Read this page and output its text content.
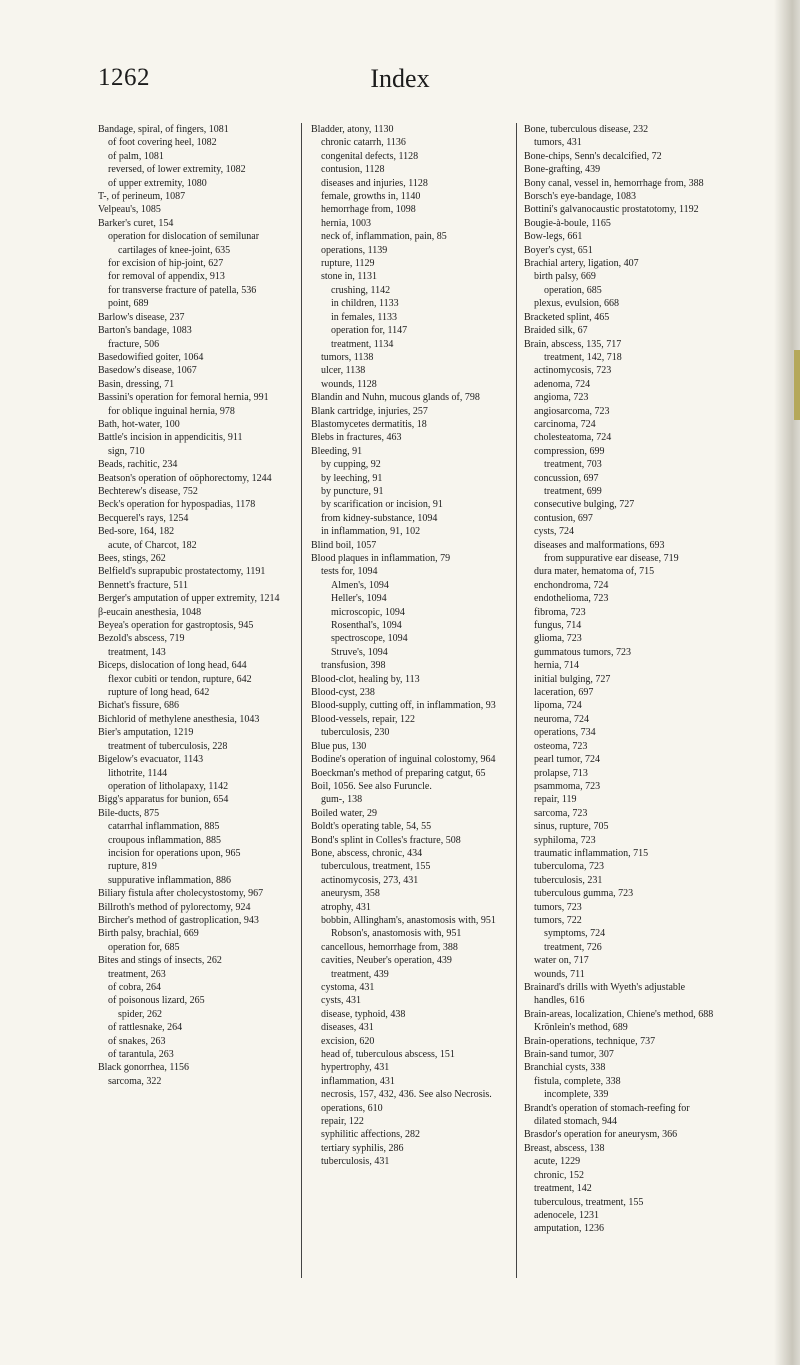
1262	Index
Bandage, spiral, of fingers, 1081
of foot covering heel, 1082
of palm, 1081
reversed, of lower extremity, 1082
of upper extremity, 1080
T-, of perineum, 1087
Velpeau's, 1085
Barker's curet, 154
operation for dislocation of semilunar cartilages of knee-joint, 635
for excision of hip-joint, 627
for removal of appendix, 913
for transverse fracture of patella, 536
point, 689
Barlow's disease, 237
Barton's bandage, 1083
fracture, 506
Basedowified goiter, 1064
Basedow's disease, 1067
Basin, dressing, 71
Bassini's operation for femoral hernia, 991
for oblique inguinal hernia, 978
Bath, hot-water, 100
Battle's incision in appendicitis, 911
sign, 710
Beads, rachitic, 234
Beatson's operation of oöphorectomy, 1244
Bechterew's disease, 752
Beck's operation for hypospadias, 1178
Becquerel's rays, 1254
Bed-sore, 164, 182
acute, of Charcot, 182
Bees, stings, 262
Belfield's suprapubic prostatectomy, 1191
Bennett's fracture, 511
Berger's amputation of upper extremity, 1214
β-eucain anesthesia, 1048
Beyea's operation for gastroptosis, 945
Bezold's abscess, 719
treatment, 143
Biceps, dislocation of long head, 644
flexor cubiti or tendon, rupture, 642
rupture of long head, 642
Bichat's fissure, 686
Bichlorid of methylene anesthesia, 1043
Bier's amputation, 1219
treatment of tuberculosis, 228
Bigelow's evacuator, 1143
lithotrite, 1144
operation of litholapaxy, 1142
Bigg's apparatus for bunion, 654
Bile-ducts, 875
catarrhal inflammation, 885
croupous inflammation, 885
incision for operations upon, 965
rupture, 819
suppurative inflammation, 886
Biliary fistula after cholecystostomy, 967
Billroth's method of pylorectomy, 924
Bircher's method of gastroplication, 943
Birth palsy, brachial, 669
operation for, 685
Bites and stings of insects, 262
treatment, 263
of cobra, 264
of poisonous lizard, 265
spider, 262
of rattlesnake, 264
of snakes, 263
of tarantula, 263
Black gonorrhea, 1156
sarcoma, 322
Bladder, atony, 1130
chronic catarrh, 1136
congenital defects, 1128
contusion, 1128
diseases and injuries, 1128
female, growths in, 1140
hemorrhage from, 1098
hernia, 1003
neck of, inflammation, pain, 85
operations, 1139
rupture, 1129
stone in, 1131
crushing, 1142
in children, 1133
in females, 1133
operation for, 1147
treatment, 1134
tumors, 1138
ulcer, 1138
wounds, 1128
Blandin and Nuhn, mucous glands of, 798
Blank cartridge, injuries, 257
Blastomycetes dermatitis, 18
Blebs in fractures, 463
Bleeding, 91
by cupping, 92
by leeching, 91
by puncture, 91
by scarification or incision, 91
from kidney-substance, 1094
in inflammation, 91, 102
Blind boil, 1057
Blood plaques in inflammation, 79
tests for, 1094
Almen's, 1094
Heller's, 1094
microscopic, 1094
Rosenthal's, 1094
spectroscope, 1094
Struve's, 1094
transfusion, 398
Blood-clot, healing by, 113
Blood-cyst, 238
Blood-supply, cutting off, in inflammation, 93
Blood-vessels, repair, 122
tuberculosis, 230
Blue pus, 130
Bodine's operation of inguinal colostomy, 964
Boeckman's method of preparing catgut, 65
Boil, 1056. See also Furuncle.
gum-, 138
Boiled water, 29
Boldt's operating table, 54, 55
Bond's splint in Colles's fracture, 508
Bone, abscess, chronic, 434
tuberculous, treatment, 155
actinomycosis, 273, 431
aneurysm, 358
atrophy, 431
bobbin, Allingham's, anastomosis with, 951
Robson's, anastomosis with, 951
cancellous, hemorrhage from, 388
cavities, Neuber's operation, 439
treatment, 439
cystoma, 431
cysts, 431
disease, typhoid, 438
diseases, 431
excision, 620
head of, tuberculous abscess, 151
hypertrophy, 431
inflammation, 431
necrosis, 157, 432, 436. See also Necrosis.
operations, 610
repair, 122
syphilitic affections, 282
tertiary syphilis, 286
tuberculosis, 431
Bone, tuberculous disease, 232
tumors, 431
Bone-chips, Senn's decalcified, 72
Bone-grafting, 439
Bony canal, vessel in, hemorrhage from, 388
Borsch's eye-bandage, 1083
Bottini's galvanocaustic prostatotomy, 1192
Bougie-à-boule, 1165
Bow-legs, 661
Boyer's cyst, 651
Brachial artery, ligation, 407
birth palsy, 669
operation, 685
plexus, evulsion, 668
Bracketed splint, 465
Braided silk, 67
Brain, abscess, 135, 717
treatment, 142, 718
actinomycosis, 723
adenoma, 724
angioma, 723
angiosarcoma, 723
carcinoma, 724
cholesteatoma, 724
compression, 699
treatment, 703
concussion, 697
treatment, 699
consecutive bulging, 727
contusion, 697
cysts, 724
diseases and malformations, 693
from suppurative ear disease, 719
dura mater, hematoma of, 715
enchondroma, 724
endothelioma, 723
fibroma, 723
fungus, 714
glioma, 723
gummatous tumors, 723
hernia, 714
initial bulging, 727
laceration, 697
lipoma, 724
neuroma, 724
operations, 734
osteoma, 723
pearl tumor, 724
prolapse, 713
psammoma, 723
repair, 119
sarcoma, 723
sinus, rupture, 705
syphiloma, 723
traumatic inflammation, 715
tuberculoma, 723
tuberculosis, 231
tuberculous gumma, 723
tumors, 723
tumors, 722
symptoms, 724
treatment, 726
water on, 717
wounds, 711
Brainard's drills with Wyeth's adjustable handles, 616
Brain-areas, localization, Chiene's method, 688
Krönlein's method, 689
Brain-operations, technique, 737
Brain-sand tumor, 307
Branchial cysts, 338
fistula, complete, 338
incomplete, 339
Brandt's operation of stomach-reefing for dilated stomach, 944
Brasdor's operation for aneurysm, 366
Breast, abscess, 138
acute, 1229
chronic, 152
treatment, 142
tuberculous, treatment, 155
adenocele, 1231
amputation, 1236
